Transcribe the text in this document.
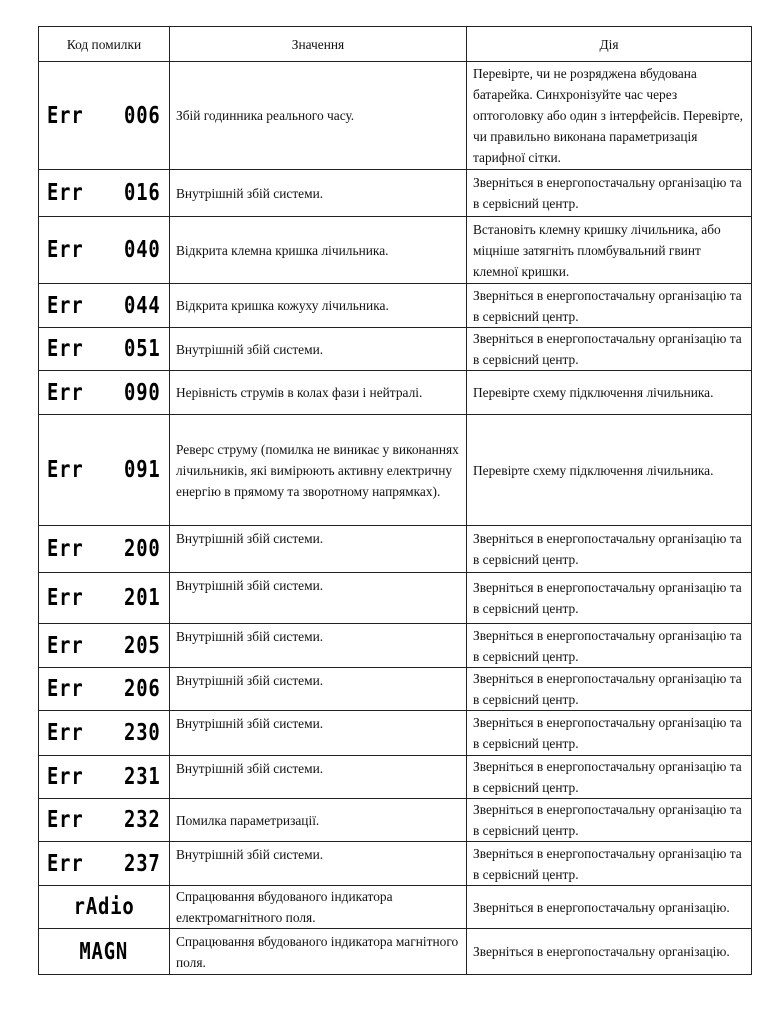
Код помилки	Значення	Дія

Err 006	Збій годинника реального часу.	Перевірте, чи не розряджена вбудована батарейка. Синхронізуйте час через оптоголовку або один з інтерфейсів. Перевірте, чи правильно виконана параметризація тарифної сітки.

Err 016	Внутрішній збій системи.	Зверніться в енергопостачальну організацію та в сервісний центр.

Err 040	Відкрита клемна кришка лічильника.	Встановіть клемну кришку лічильника, або міцніше затягніть пломбувальний гвинт клемної кришки.

Err 044	Відкрита кришка кожуху лічильника.	Зверніться в енергопостачальну організацію та в сервісний центр.

Err 051	Внутрішній збій системи.	Зверніться в енергопостачальну організацію та в сервісний центр.

Err 090	Нерівність струмів в колах фази і нейтралі.	Перевірте схему підключення лічильника.

Err 091	Реверс струму (помилка не виникає у виконаннях лічильників, які вимірюють активну електричну енергію в прямому та зворотному напрямках).	Перевірте схему підключення лічильника.

Err 200	Внутрішній збій системи.	Зверніться в енергопостачальну організацію та в сервісний центр.

Err 201	Внутрішній збій системи.	Зверніться в енергопостачальну організацію та в сервісний центр.

Err 205	Внутрішній збій системи.	Зверніться в енергопостачальну організацію та в сервісний центр.

Err 206	Внутрішній збій системи.	Зверніться в енергопостачальну організацію та в сервісний центр.

Err 230	Внутрішній збій системи.	Зверніться в енергопостачальну організацію та в сервісний центр.

Err 231	Внутрішній збій системи.	Зверніться в енергопостачальну організацію та в сервісний центр.

Err 232	Помилка параметризації.	Зверніться в енергопостачальну організацію та в сервісний центр.

Err 237	Внутрішній збій системи.	Зверніться в енергопостачальну організацію та в сервісний центр.

rAdio	Спрацювання вбудованого індикатора електромагнітного поля.	Зверніться в енергопостачальну організацію.

MAGN	Спрацювання вбудованого індикатора магнітного поля.	Зверніться в енергопостачальну організацію.
